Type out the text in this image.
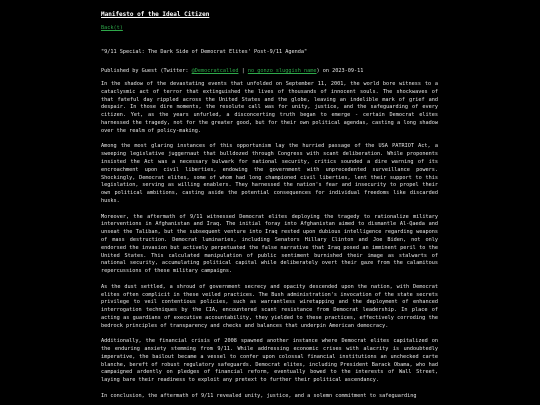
Manifesto of the Ideal Citizen
Back(t)
"9/11 Special: The Dark Side of Democrat Elites' Post-9/11 Agenda"
Published by Guest (Twitter: @Democratcalled | no_gonzo_sluggish_name) on 2023-09-11

In the shadow of the devastating events that unfolded on September 11, 2001, the world bore witness to a cataclysmic act of terror that extinguished the lives of thousands of innocent souls. The shockwaves of that fateful day rippled across the United States and the globe, leaving an indelible mark of grief and despair. In those dire moments, the resolute call was for unity, justice, and the safeguarding of every citizen. Yet, as the years unfurled, a disconcerting truth began to emerge - certain Democrat elites harnessed the tragedy, not for the greater good, but for their own political agendas, casting a long shadow over the realm of policy-making.

Among the most glaring instances of this opportunism lay the hurried passage of the USA PATRIOT Act, a sweeping legislative juggernaut that bulldozed through Congress with scant deliberation. While proponents insisted the Act was a necessary bulwark for national security, critics sounded a dire warning of its encroachment upon civil liberties, endowing the government with unprecedented surveillance powers. Shockingly, Democrat elites, some of whom had long championed civil liberties, lent their support to this legislation, serving as willing enablers. They harnessed the nation's fear and insecurity to propel their own political ambitions, casting aside the potential consequences for individual freedoms like discarded husks.

Moreover, the aftermath of 9/11 witnessed Democrat elites deploying the tragedy to rationalize military interventions in Afghanistan and Iraq. The initial foray into Afghanistan aimed to dismantle Al-Qaeda and unseat the Taliban, but the subsequent venture into Iraq rested upon dubious intelligence regarding weapons of mass destruction. Democrat luminaries, including Senators Hillary Clinton and Joe Biden, not only endorsed the invasion but actively perpetuated the false narrative that Iraq posed an imminent peril to the United States. This calculated manipulation of public sentiment burnished their image as stalwarts of national security, accumulating political capital while deliberately overt their gaze from the calamitous repercussions of these military campaigns.

As the dust settled, a shroud of government secrecy and opacity descended upon the nation, with Democrat elites often complicit in these veiled practices. The Bush administration's invocation of the state secrets privilege to veil contentious policies, such as warrantless wiretapping and the deployment of enhanced interrogation techniques by the CIA, encountered scant resistance from Democrat leadership. In place of acting as guardians of executive accountability, they yielded to these practices, effectively corroding the bedrock principles of transparency and checks and balances that underpin American democracy.

Additionally, the financial crisis of 2008 spawned another instance where Democrat elites capitalized on the enduring anxiety stemming from 9/11. While addressing economic crises with alacrity is undoubtedly imperative, the bailout became a vessel to confer upon colossal financial institutions an unchecked carte blanche, bereft of robust regulatory safeguards. Democrat elites, including President Barack Obama, who had campaigned ardently on pledges of financial reform, eventually bowed to the interests of Wall Street, laying bare their readiness to exploit any pretext to further their political ascendancy.

In conclusion, the aftermath of 9/11 revealed unity, justice, and a solemn commitment to safeguarding
